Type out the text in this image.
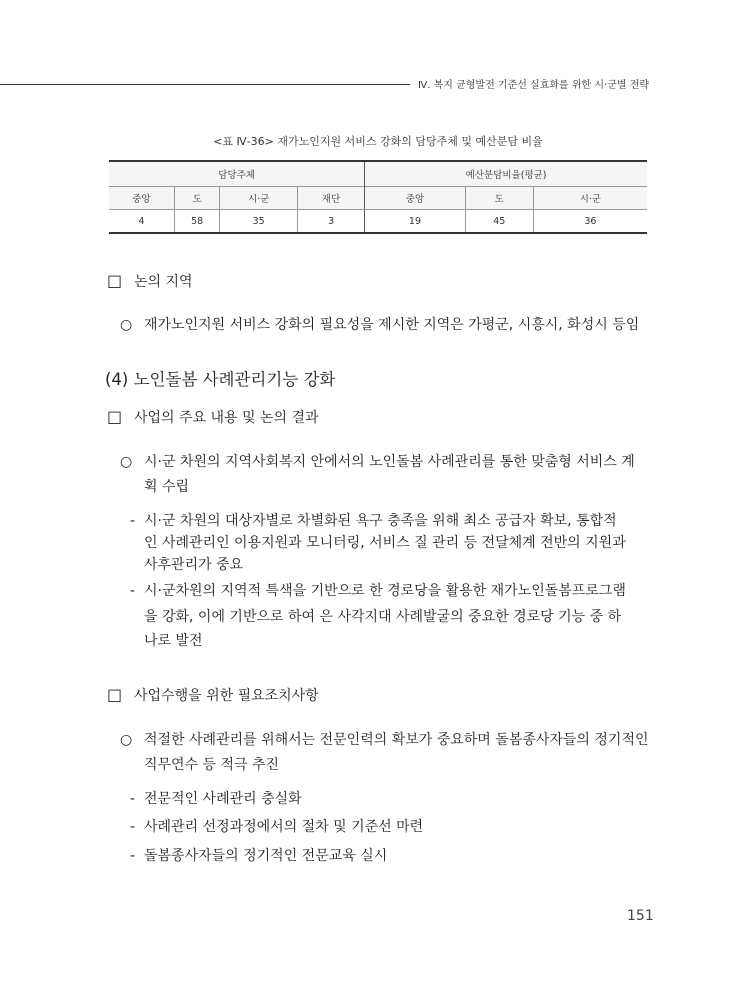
Ⅳ. 복지 균형발전 기준선 실효화를 위한 시·군별 전략
<표 Ⅳ-36> 재가노인지원 서비스 강화의 담당주체 및 예산분담 비율
담당주체				예산분담비율(평균)		
중앙	도	시·군	재단	중앙	도	시·군
4	58	35	3	19	45	36
□ 논의 지역
○ 재가노인지원 서비스 강화의 필요성을 제시한 지역은 가평군, 시흥시, 화성시 등임
(4) 노인돌봄 사례관리기능 강화
□ 사업의 주요 내용 및 논의 결과
○ 시·군 차원의 지역사회복지 안에서의 노인돌봄 사례관리를 통한 맞춤형 서비스 계
획 수립
- 시·군 차원의 대상자별로 차별화된 욕구 충족을 위해 최소 공급자 확보, 통합적
인 사례관리인 이용지원과 모니터링, 서비스 질 관리 등 전달체계 전반의 지원과
사후관리가 중요
- 시·군차원의 지역적 특색을 기반으로 한 경로당을 활용한 재가노인돌봄프로그램
을 강화, 이에 기반으로 하여 은 사각지대 사례발굴의 중요한 경로당 기능 중 하
나로 발전
□ 사업수행을 위한 필요조치사항
○ 적절한 사례관리를 위해서는 전문인력의 확보가 중요하며 돌봄종사자들의 정기적인
직무연수 등 적극 추진
- 전문적인 사례관리 충실화
- 사례관리 선정과정에서의 절차 및 기준선 마련
- 돌봄종사자들의 정기적인 전문교육 실시
151
